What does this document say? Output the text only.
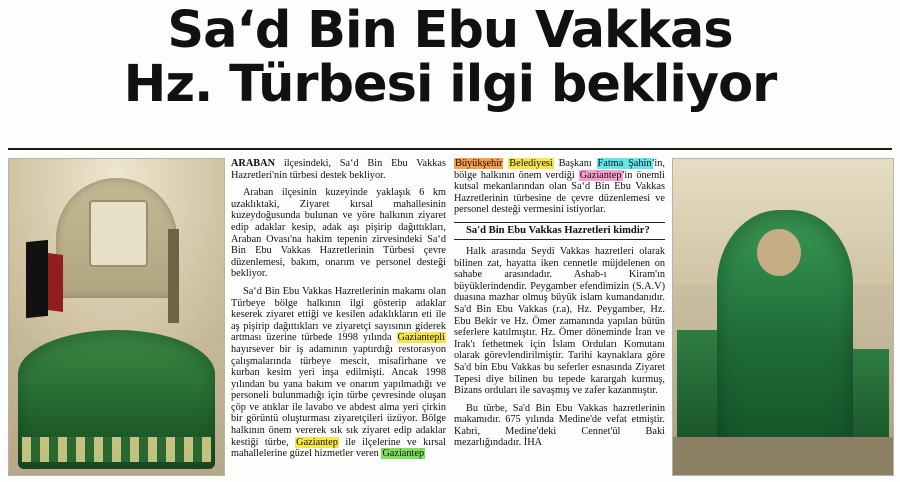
Sa‘d Bin Ebu Vakkas
Hz. Türbesi ilgi bekliyor

ARABAN ilçesindeki, Sa‘d Bin Ebu Vakkas Hazretleri'nin türbesi destek bekliyor.

Araban ilçesinin kuzeyinde yaklaşık 6 km uzaklıktaki, Ziyaret kırsal mahallesinin kuzeydoğusunda bulunan ve yöre halkının ziyaret edip adaklar kesip, adak aşı pişirip dağıttıkları, Araban Ovası'na hakim tepenin zirvesindeki Sa‘d Bin Ebu Vakkas Hazretlerinin Türbesi çevre düzenlemesi, bakım, onarım ve personel desteği bekliyor.

Sa‘d Bin Ebu Vakkas Hazretlerinin makamı olan Türbeye bölge halkının ilgi gösterip adaklar keserek ziyaret ettiği ve kesilen adaklıkların eti ile aş pişirip dağıttıkları ve ziyaretçi sayısının giderek artması üzerine türbede 1998 yılında Gaziantepli hayırsever bir iş adamının yaptırdığı restorasyon çalışmalarında türbeye mescit, misafirhane ve kurban kesim yeri inşa edilmişti. Ancak 1998 yılından bu yana bakım ve onarım yapılmadığı ve personeli bulunmadığı için türbe çevresinde oluşan çöp ve atıklar ile lavabo ve abdest alma yeri çirkin bir görüntü oluşturması ziyaretçileri üzüyor. Bölge halkının önem vererek sık sık ziyaret edip adaklar kestiği türbe, Gaziantep ile ilçelerine ve kırsal mahallelerine güzel hizmetler veren Gaziantep

Büyükşehir Belediyesi Başkanı Fatma Şahin'in, bölge halkının önem verdiği Gaziantep'in önemli kutsal mekanlarından olan Sa‘d Bin Ebu Vakkas Hazretlerinin türbesine de çevre düzenlemesi ve personel desteği vermesini istiyorlar.

Sa'd Bin Ebu Vakkas Hazretleri kimdir?

Halk arasında Seydi Vakkas hazretleri olarak bilinen zat, hayatta iken cennetle müjdelenen on sahabe arasındadır. Ashab-ı Kiram'ın büyüklerindendir. Peygamber efendimizin (S.A.V) duasına mazhar olmuş büyük islam kumandanıdır. Sa'd Bin Ebu Vakkas (r.a), Hz. Peygamber, Hz. Ebu Bekir ve Hz. Ömer zamanında yapılan bütün seferlere katılmıştır. Hz. Ömer döneminde İran ve Irak'ı fethetmek için İslam Orduları Komutanı olarak görevlendirilmiştir. Tarihi kaynaklara göre Sa'd bin Ebu Vakkas bu seferler esnasında Ziyaret Tepesi diye bilinen bu tepede karargah kurmuş, Bizans orduları ile savaşmış ve zafer kazanmıştır.

Bu türbe, Sa'd Bin Ebu Vakkas hazretlerinin makamıdır. 675 yılında Medine'de vefat etmiştir. Kabri, Medine'deki Cennet'ül Baki mezarlığındadır. İHA
